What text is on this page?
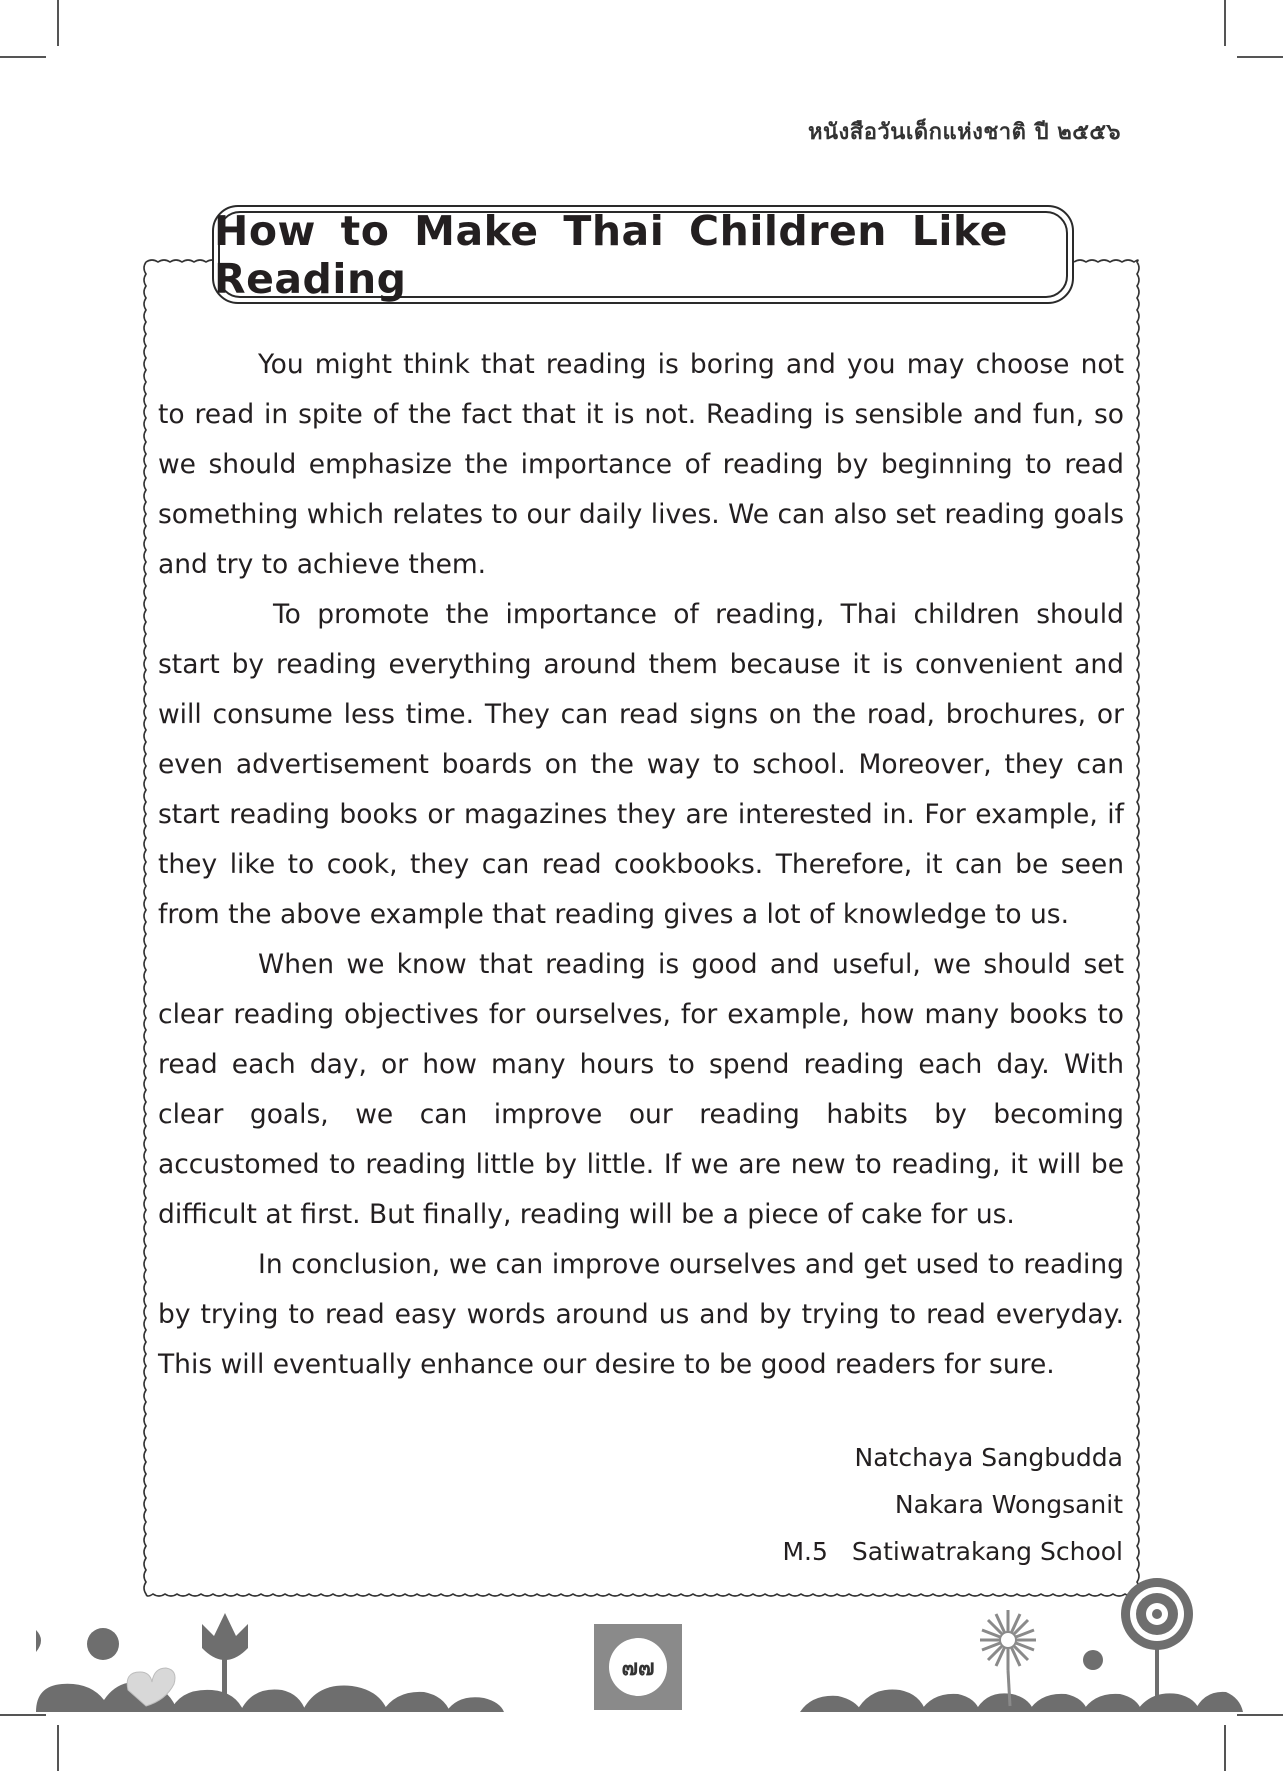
หนังสือวันเด็กแห่งชาติ ปี ๒๕๕๖
How to Make Thai Children Like Reading

You might think that reading is boring and you may choose not to read in spite of the fact that it is not. Reading is sensible and fun, so we should emphasize the importance of reading by beginning to read something which relates to our daily lives. We can also set reading goals and try to achieve them.

To promote the importance of reading, Thai children should start by reading everything around them because it is convenient and will consume less time. They can read signs on the road, brochures, or even advertisement boards on the way to school. Moreover, they can start reading books or magazines they are interested in. For example, if they like to cook, they can read cookbooks. Therefore, it can be seen from the above example that reading gives a lot of knowledge to us.

When we know that reading is good and useful, we should set clear reading objectives for ourselves, for example, how many books to read each day, or how many hours to spend reading each day. With clear goals, we can improve our reading habits by becoming accustomed to reading little by little. If we are new to reading, it will be difficult at first. But finally, reading will be a piece of cake for us.

In conclusion, we can improve ourselves and get used to reading by trying to read easy words around us and by trying to read everyday. This will eventually enhance our desire to be good readers for sure.

Natchaya Sangbudda
Nakara Wongsanit
M.5 Satiwatrakang School
๗๗
